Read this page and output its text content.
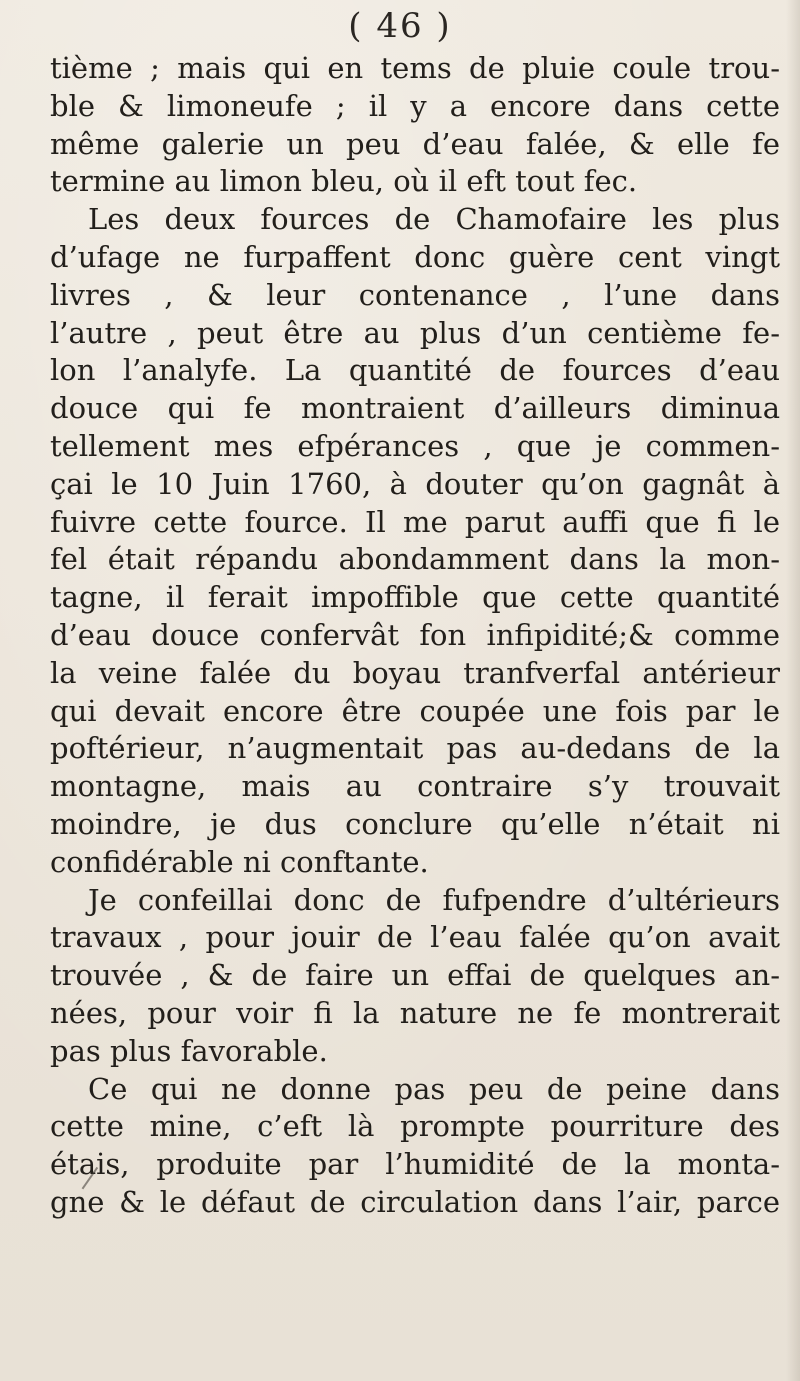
( 46 )
tième ; mais qui en tems de pluie coule trou-
ble & limoneufe ; il y a encore dans cette
même galerie un peu d’eau falée, & elle fe
termine au limon bleu, où il eft tout fec.
Les deux fources de Chamofaire les plus
d’ufage ne furpaffent donc guère cent vingt
livres , & leur contenance , l’une dans
l’autre , peut être au plus d’un centième fe-
lon l’analyfe. La quantité de fources d’eau
douce qui fe montraient d’ailleurs diminua
tellement mes efpérances , que je commen-
çai le 10 Juin 1760, à douter qu’on gagnât à
fuivre cette fource. Il me parut auffi que fi le
fel était répandu abondamment dans la mon-
tagne, il ferait impoffible que cette quantité
d’eau douce confervât fon infipidité;& comme
la veine falée du boyau tranfverfal antérieur
qui devait encore être coupée une fois par le
poftérieur, n’augmentait pas au-dedans de la
montagne, mais au contraire s’y trouvait
moindre, je dus conclure qu’elle n’était ni
confidérable ni conftante.
Je confeillai donc de fufpendre d’ultérieurs
travaux , pour jouir de l’eau falée qu’on avait
trouvée , & de faire un effai de quelques an-
nées, pour voir fi la nature ne fe montrerait
pas plus favorable.
Ce qui ne donne pas peu de peine dans
cette mine, c’eft là prompte pourriture des
étais, produite par l’humidité de la monta-
gne & le défaut de circulation dans l’air, parce
